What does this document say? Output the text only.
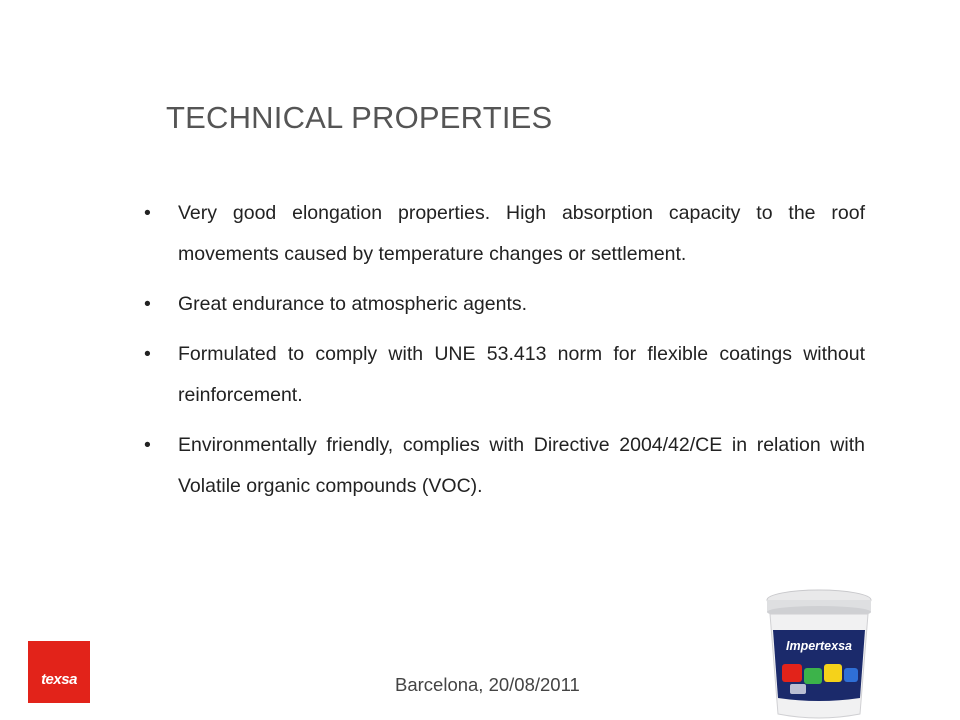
TECHNICAL PROPERTIES
• Very good elongation properties. High absorption capacity to the roof movements caused by temperature changes or settlement.
• Great endurance to atmospheric agents.
• Formulated to comply with UNE 53.413 norm for flexible coatings without reinforcement.
• Environmentally friendly, complies with Directive 2004/42/CE in relation with Volatile organic compounds (VOC).
texsa	Barcelona, 20/08/2011
Impertexsa
